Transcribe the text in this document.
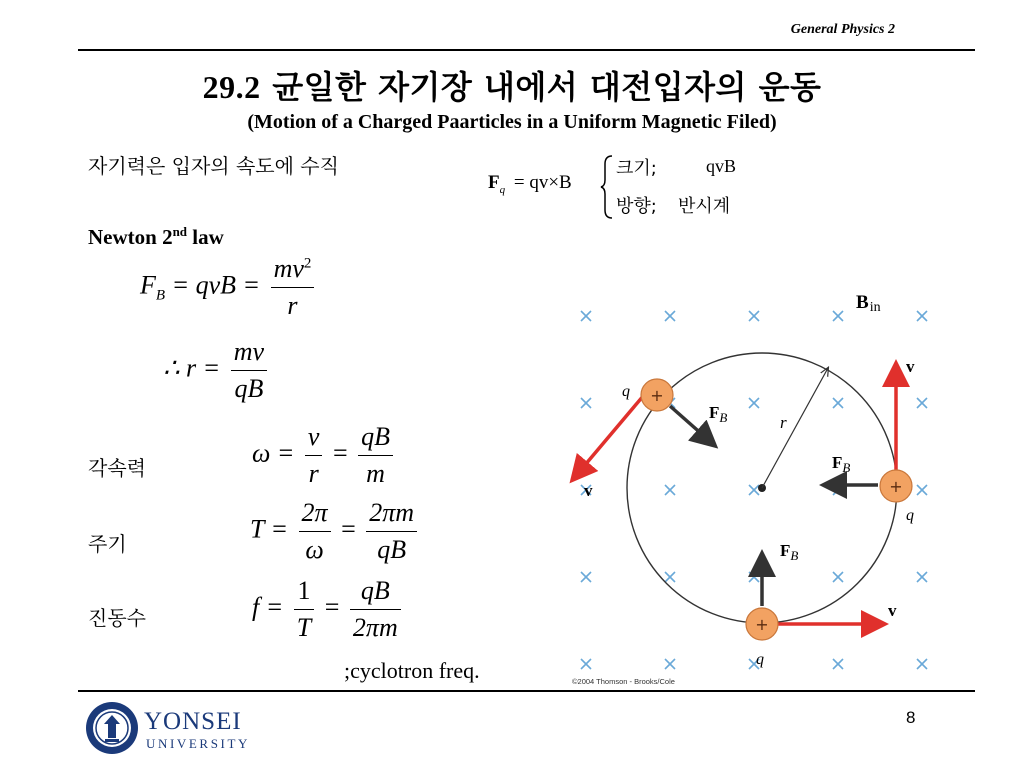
General Physics 2
29.2 균일한 자기장 내에서 대전입자의 운동
(Motion of a Charged Paarticles in a Uniform Magnetic Filed)
자기력은 입자의 속도에 수직
$F_q = qv\times B$
크기;	qvB
방향; 반시계
Newton 2nd law
$F_B$ = qvB = $\frac{mv^2}{r}$
∴ $r = \frac{mv}{qB}$
각속력
$\omega = \frac{v}{r} = \frac{qB}{m}$
주기
$T = \frac{2\pi}{\omega} = \frac{2\pi m}{qB}$
진동수	$f = \frac{1}{T} = \frac{qB}{2\pi m}$
;cyclotron freq.
r
Bin
+
q
v
$F_B$
+
q
v
$F_B$
+
q
v
$F_B$
©2004 Thomson - Brooks/Cole
YONSEI
UNIVERSITY
8
